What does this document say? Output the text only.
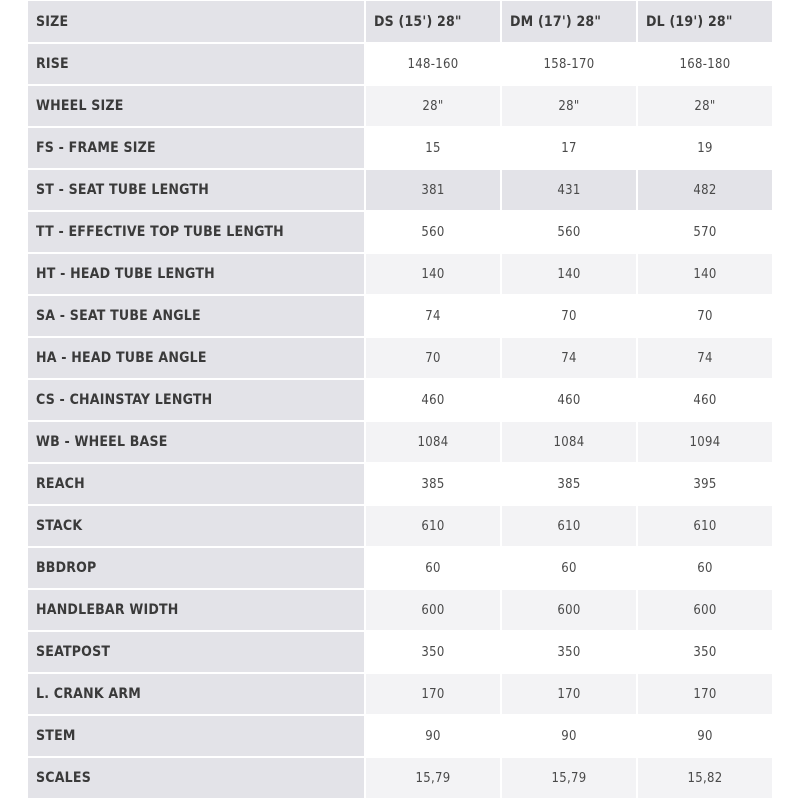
SIZE	DS (15') 28"	DM (17') 28"	DL (19') 28"
RISE	148-160	158-170	168-180
WHEEL SIZE	28"	28"	28"
FS - FRAME SIZE	15	17	19
ST - SEAT TUBE LENGTH	381	431	482
TT - EFFECTIVE TOP TUBE LENGTH	560	560	570
HT - HEAD TUBE LENGTH	140	140	140
SA - SEAT TUBE ANGLE	74	70	70
HA - HEAD TUBE ANGLE	70	74	74
CS - CHAINSTAY LENGTH	460	460	460
WB - WHEEL BASE	1084	1084	1094
REACH	385	385	395
STACK	610	610	610
BBDROP	60	60	60
HANDLEBAR WIDTH	600	600	600
SEATPOST	350	350	350
L. CRANK ARM	170	170	170
STEM	90	90	90
SCALES	15,79	15,79	15,82
